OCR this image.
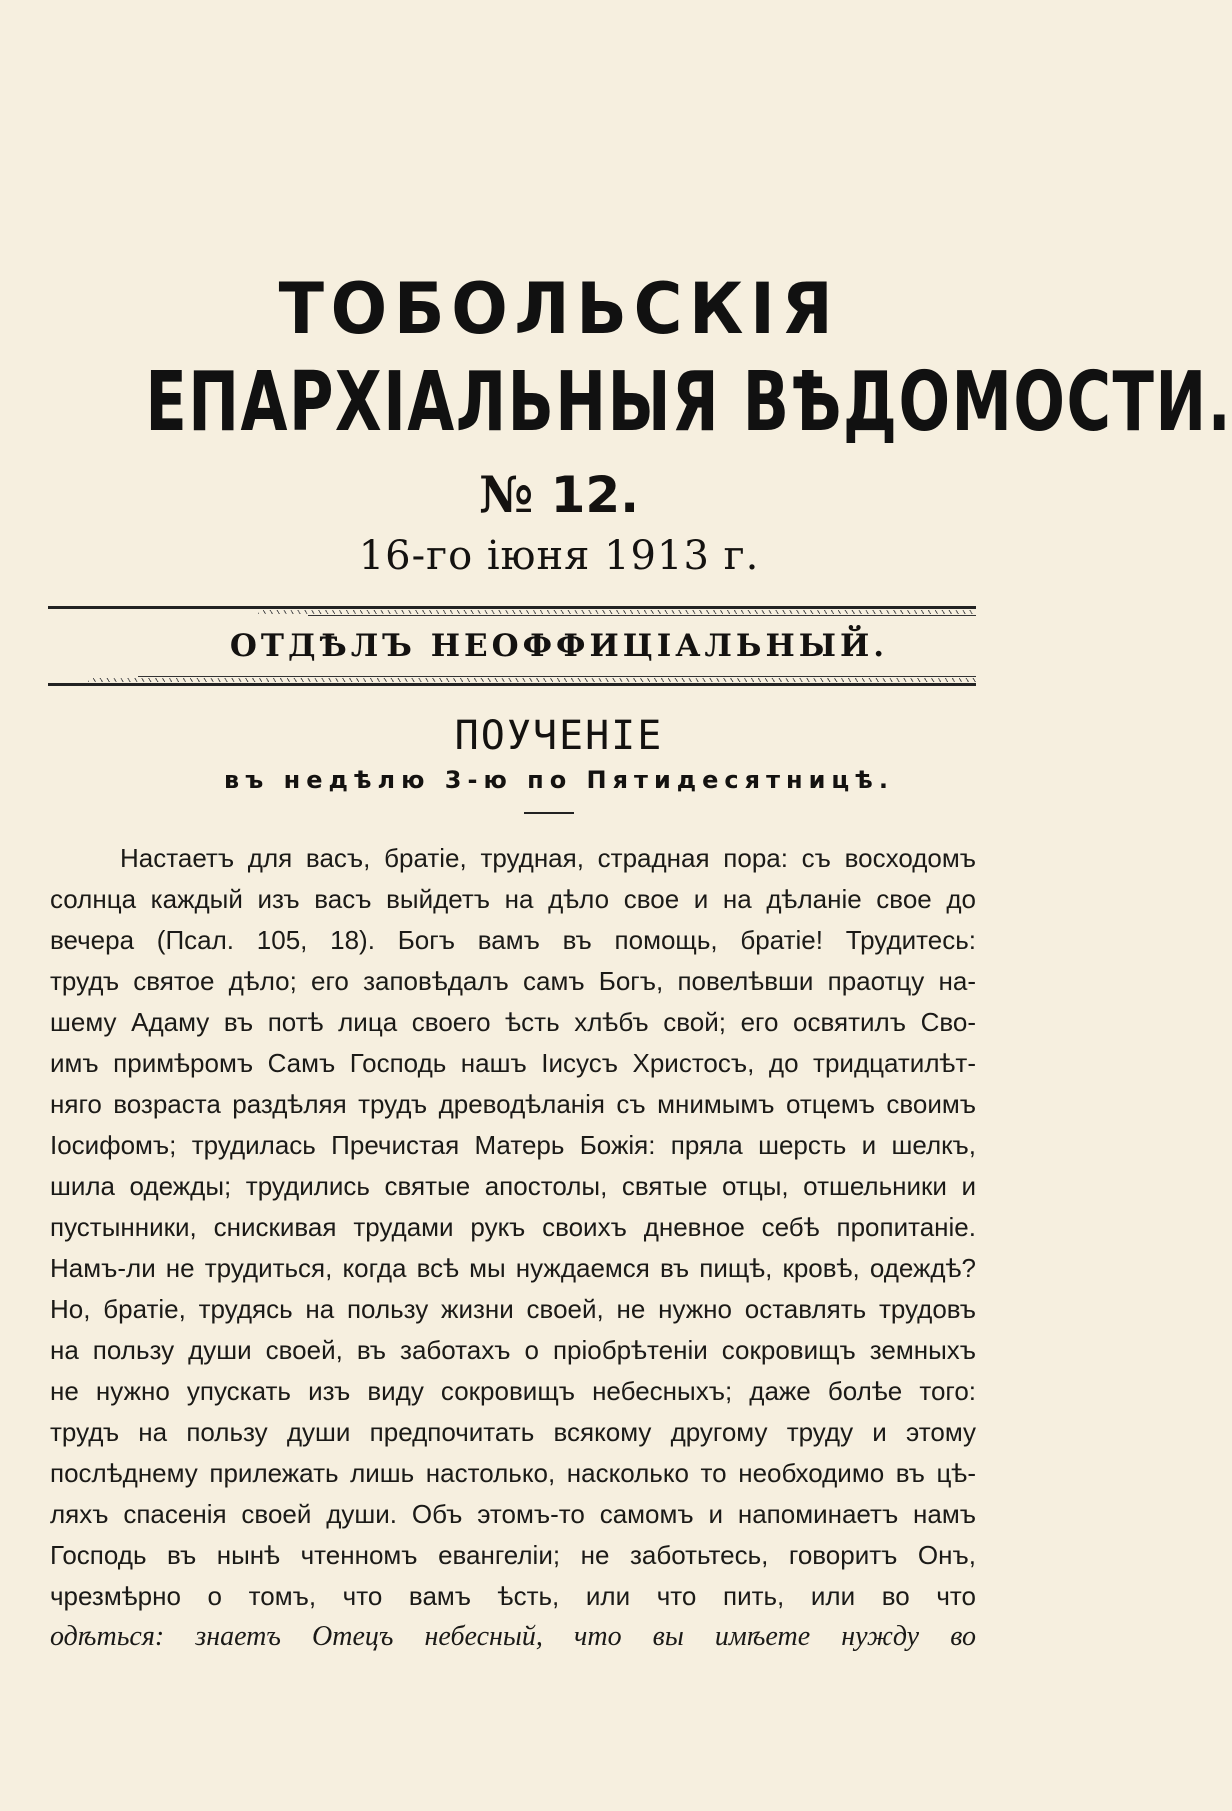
ТОБОЛЬСКІЯ
ЕПАРХІАЛЬНЫЯ ВѢДОМОСТИ.
№ 12.
16-го іюня 1913 г.
ОТДѢЛЪ НЕОФФИЦІАЛЬНЫЙ.
ПОУЧЕНІЕ
въ недѣлю 3-ю по Пятидесятницѣ.
Настаетъ для васъ, братіе, трудная, страдная пора: съ восходомъ
солнца каждый изъ васъ выйдетъ на дѣло свое и на дѣланіе свое до
вечера (Псал. 105, 18). Богъ вамъ въ помощь, братіе! Трудитесь:
трудъ святое дѣло; его заповѣдалъ самъ Богъ, повелѣвши праотцу на-
шему Адаму въ потѣ лица своего ѣсть хлѣбъ свой; его освятилъ Сво-
имъ примѣромъ Самъ Господь нашъ Іисусъ Христосъ, до тридцатилѣт-
няго возраста раздѣляя трудъ древодѣланія съ мнимымъ отцемъ своимъ
Іосифомъ; трудилась Пречистая Матерь Божія: пряла шерсть и шелкъ,
шила одежды; трудились святые апостолы, святые отцы, отшельники и
пустынники, снискивая трудами рукъ своихъ дневное себѣ пропитаніе.
Намъ-ли не трудиться, когда всѣ мы нуждаемся въ пищѣ, кровѣ, одеждѣ?
Но, братіе, трудясь на пользу жизни своей, не нужно оставлять трудовъ
на пользу души своей, въ заботахъ о пріобрѣтеніи сокровищъ земныхъ
не нужно упускать изъ виду сокровищъ небесныхъ; даже болѣе того:
трудъ на пользу души предпочитать всякому другому труду и этому
послѣднему прилежать лишь настолько, насколько то необходимо въ цѣ-
ляхъ спасенія своей души. Объ этомъ-то самомъ и напоминаетъ намъ
Господь въ нынѣ чтенномъ евангеліи; не заботьтесь, говоритъ Онъ,
чрезмѣрно о томъ, что вамъ ѣсть, или что пить, или во что
одѣться: знаетъ Отецъ небесный, что вы имѣете нужду во
